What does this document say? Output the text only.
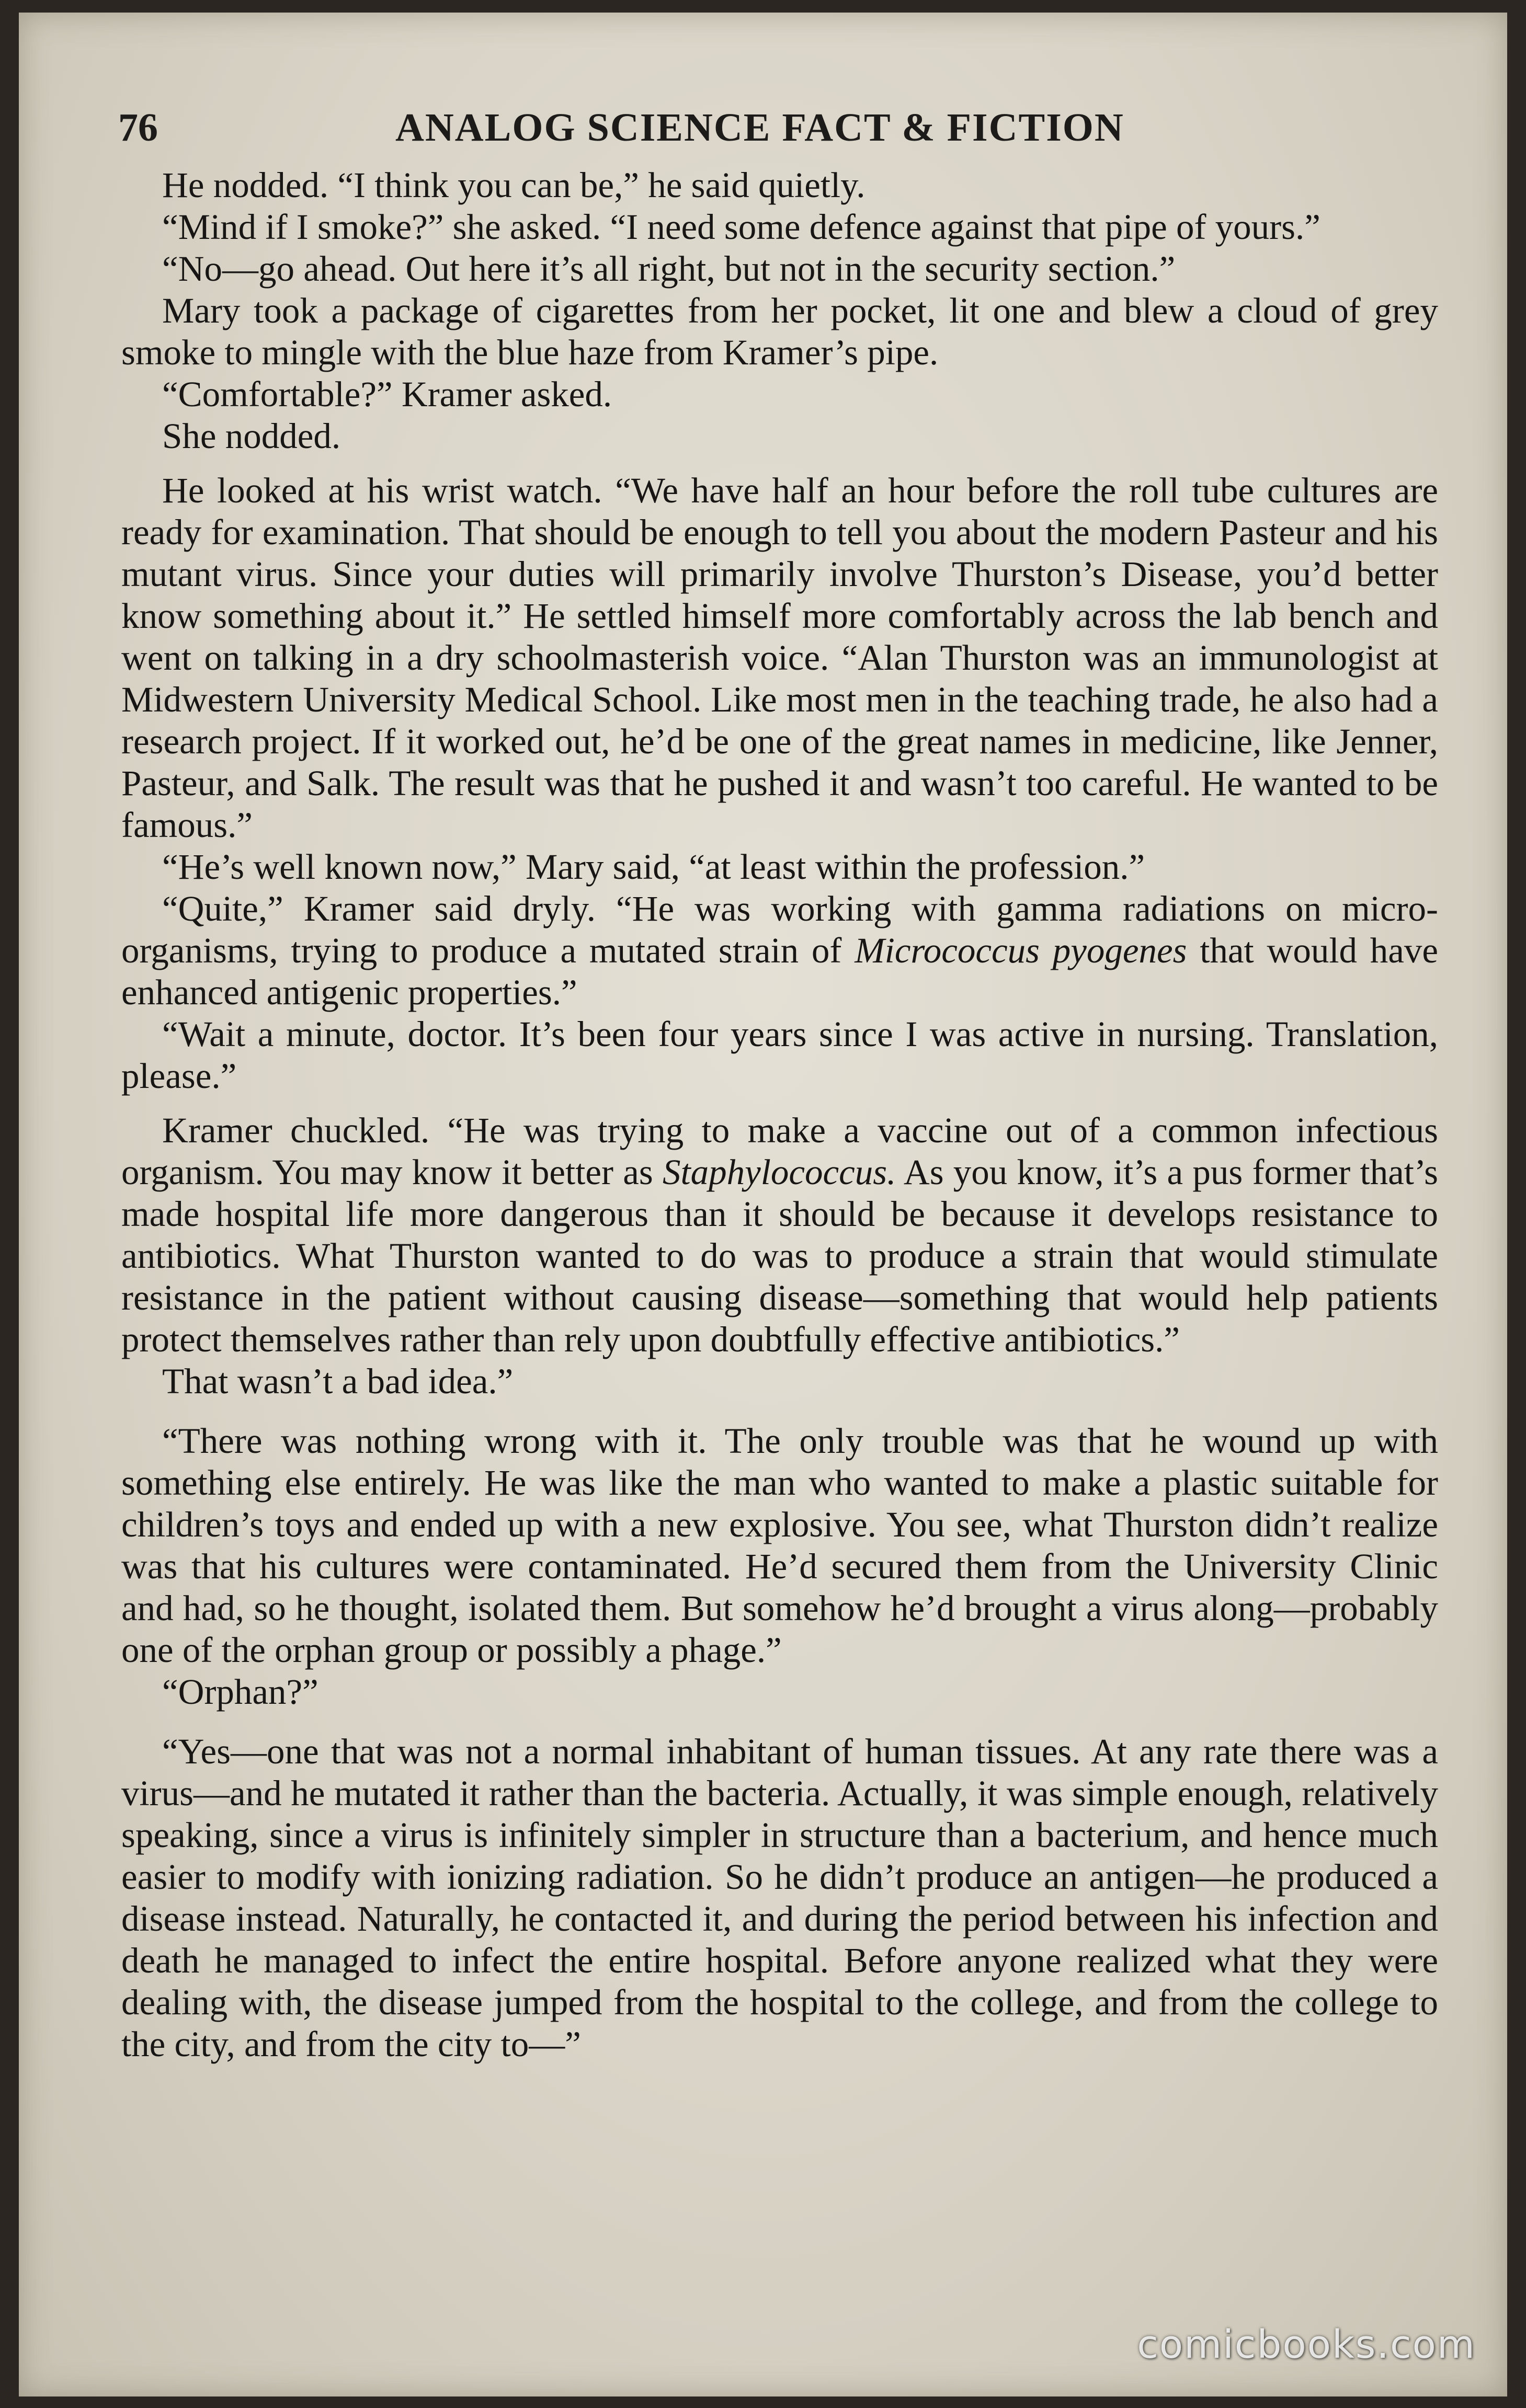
76	ANALOG SCIENCE FACT & FICTION

He nodded. “I think you can be,” he said quietly.

“Mind if I smoke?” she asked. “I need some defence against that pipe of yours.”

“No—go ahead. Out here it’s all right, but not in the security section.”

Mary took a package of cigarettes from her pocket, lit one and blew a cloud of grey smoke to mingle with the blue haze from Kramer’s pipe.

“Comfortable?” Kramer asked.

She nodded.

He looked at his wrist watch. “We have half an hour before the roll tube cultures are ready for examination. That should be enough to tell you about the modern Pasteur and his mutant virus. Since your duties will primarily involve Thurston’s Disease, you’d better know something about it.” He settled himself more comfortably across the lab bench and went on talking in a dry schoolmasterish voice. “Alan Thurston was an immunologist at Midwestern University Medical School. Like most men in the teaching trade, he also had a research project. If it worked out, he’d be one of the great names in medicine, like Jenner, Pasteur, and Salk. The result was that he pushed it and wasn’t too careful. He wanted to be famous.”

“He’s well known now,” Mary said, “at least within the profession.”

“Quite,” Kramer said dryly. “He was working with gamma radiations on micro-organisms, trying to produce a mutated strain of Micrococcus pyogenes that would have enhanced antigenic properties.”

“Wait a minute, doctor. It’s been four years since I was active in nursing. Translation, please.”

Kramer chuckled. “He was trying to make a vaccine out of a common infectious organism. You may know it better as Staphylococcus. As you know, it’s a pus former that’s made hospital life more dangerous than it should be because it develops resistance to antibiotics. What Thurston wanted to do was to produce a strain that would stimulate resistance in the patient without causing disease—something that would help patients protect themselves rather than rely upon doubtfully effective antibiotics.”

That wasn’t a bad idea.”

“There was nothing wrong with it. The only trouble was that he wound up with something else entirely. He was like the man who wanted to make a plastic suitable for children’s toys and ended up with a new explosive. You see, what Thurston didn’t realize was that his cultures were contaminated. He’d secured them from the University Clinic and had, so he thought, isolated them. But somehow he’d brought a virus along—probably one of the orphan group or possibly a phage.”

“Orphan?”

“Yes—one that was not a normal inhabitant of human tissues. At any rate there was a virus—and he mutated it rather than the bacteria. Actually, it was simple enough, relatively speaking, since a virus is infinitely simpler in structure than a bacterium, and hence much easier to modify with ionizing radiation. So he didn’t produce an antigen—he produced a disease instead. Naturally, he contacted it, and during the period between his infection and death he managed to infect the entire hospital. Before anyone realized what they were dealing with, the disease jumped from the hospital to the college, and from the college to the city, and from the city to—”

comicbooks.com
